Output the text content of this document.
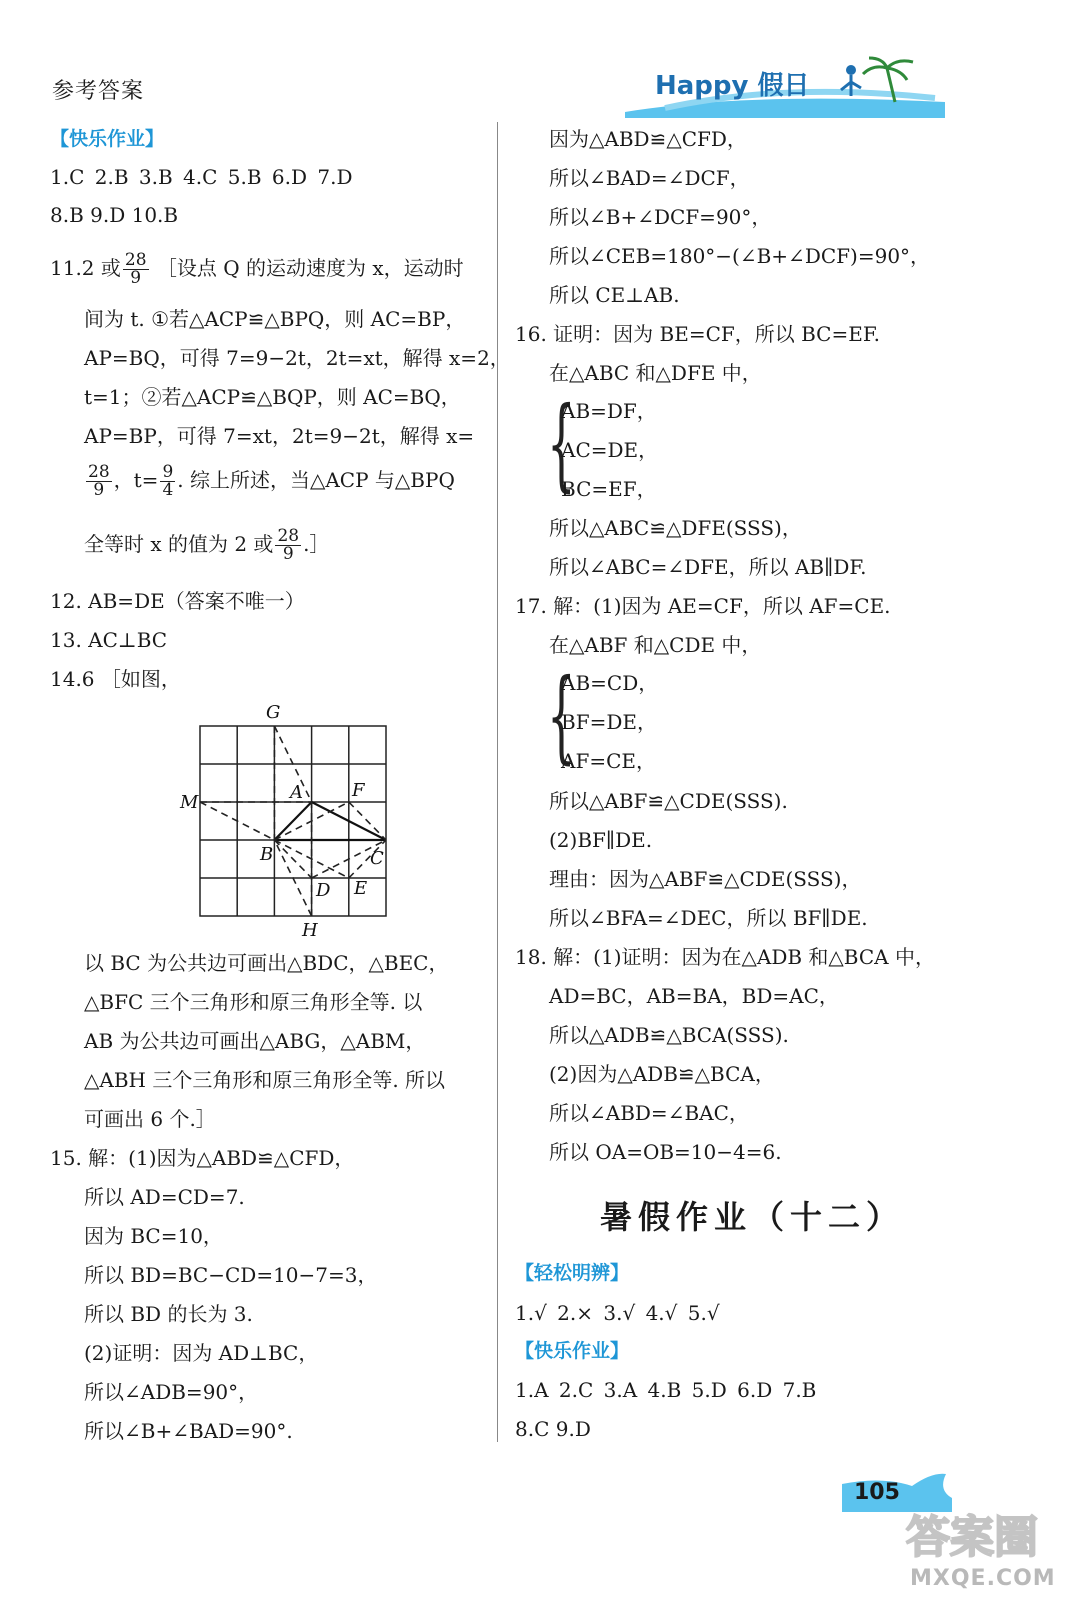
参考答案	Happy 假日
【快乐作业】
1.C 2.B 3.B 4.C 5.B 6.D 7.D
8.B 9.D 10.B
11.2 或 $\frac{28}{9}$ ［设点 Q 的运动速度为 x，运动时
间为 t. ①若△ACP≌△BPQ，则 AC=BP，
AP=BQ，可得 7=9−2t，2t=xt，解得 x=2，
t=1；②若△ACP≌△BQP，则 AC=BQ，
AP=BP，可得 7=xt，2t=9−2t，解得 x=
$\frac{28}{9}$ ，$t= \frac{9}{4}$ . 综上所述，当△ACP 与△BPQ
全等时 x 的值为 2 或 $\frac{28}{9}$ .］
12. AB=DE（答案不唯一）
13. AC⊥BC
14.6 ［如图，
G
A	F
M
B	C
D E
H
以 BC 为公共边可画出△BDC，△BEC，
△BFC 三个三角形和原三角形全等. 以
AB 为公共边可画出△ABG，△ABM，
△ABH 三个三角形和原三角形全等. 所以
可画出 6 个.］
15. 解：(1)因为△ABD≌△CFD，
所以 AD=CD=7.
因为 BC=10，
所以 BD=BC−CD=10−7=3，
所以 BD 的长为 3.
(2)证明：因为 AD⊥BC，
所以∠ADB=90°，
所以∠B+∠BAD=90°.
因为△ABD≌△CFD，
所以∠BAD=∠DCF，
所以∠B+∠DCF=90°，
所以∠CEB=180°−(∠B+∠DCF)=90°，
所以 CE⊥AB.
16. 证明：因为 BE=CF，所以 BC=EF.
在△ABC 和△DFE 中，
{
AB=DF，
AC=DE，
BC=EF，
所以△ABC≌△DFE(SSS)，
所以∠ABC=∠DFE，所以 AB∥DF.
17. 解：(1)因为 AE=CF，所以 AF=CE.
在△ABF 和△CDE 中，
{
AB=CD，
BF=DE，
AF=CE，
所以△ABF≌△CDE(SSS).
(2)BF∥DE.
理由：因为△ABF≌△CDE(SSS)，
所以∠BFA=∠DEC，所以 BF∥DE.
18. 解：(1)证明：因为在△ADB 和△BCA 中，
AD=BC，AB=BA，BD=AC，
所以△ADB≌△BCA(SSS).
(2)因为△ADB≌△BCA，
所以∠ABD=∠BAC，
所以 OA=OB=10−4=6.
【轻松明辨】
1.√ 2.× 3.√ 4.√ 5.√
【快乐作业】
1.A 2.C 3.A 4.B 5.D 6.D 7.B
8.C 9.D
暑假作业（十二）
105
答案圈
MXQE.COM
